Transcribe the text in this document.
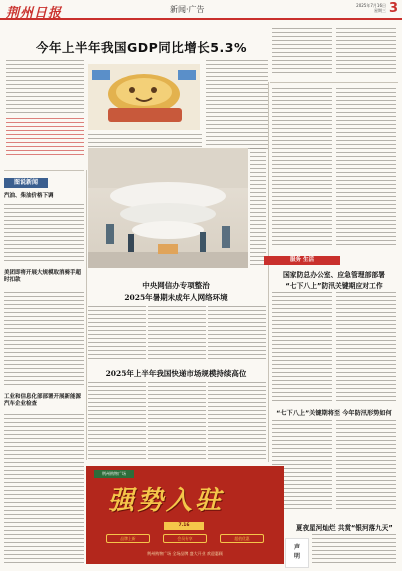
荆州日报	新闻·广告	2025年7月16日
星期三 3
今年上半年我国GDP同比增长5.3%
图说新闻
汽油、柴油价格下调
美团即将开展大规模取消骑手超时扣款
工业和信息化部部署开展新能源汽车企业检查
中央网信办专项整治
2025年暑期未成年人网络环境
2025年上半年我国快递市场规模持续高位
服务 生活
国家防总办公室、应急管理部部署
“七下八上”防汛关键期应对工作
“七下八上”关键期将至 今年防汛形势如何
夏夜星河灿烂 共赏“银河落九天”
荆州购物广场
强势入驻
7.16
品牌上新	会员专享	超值优惠
荆州购物广场 全场品牌 盛大开业 欢迎惠顾
声
明
